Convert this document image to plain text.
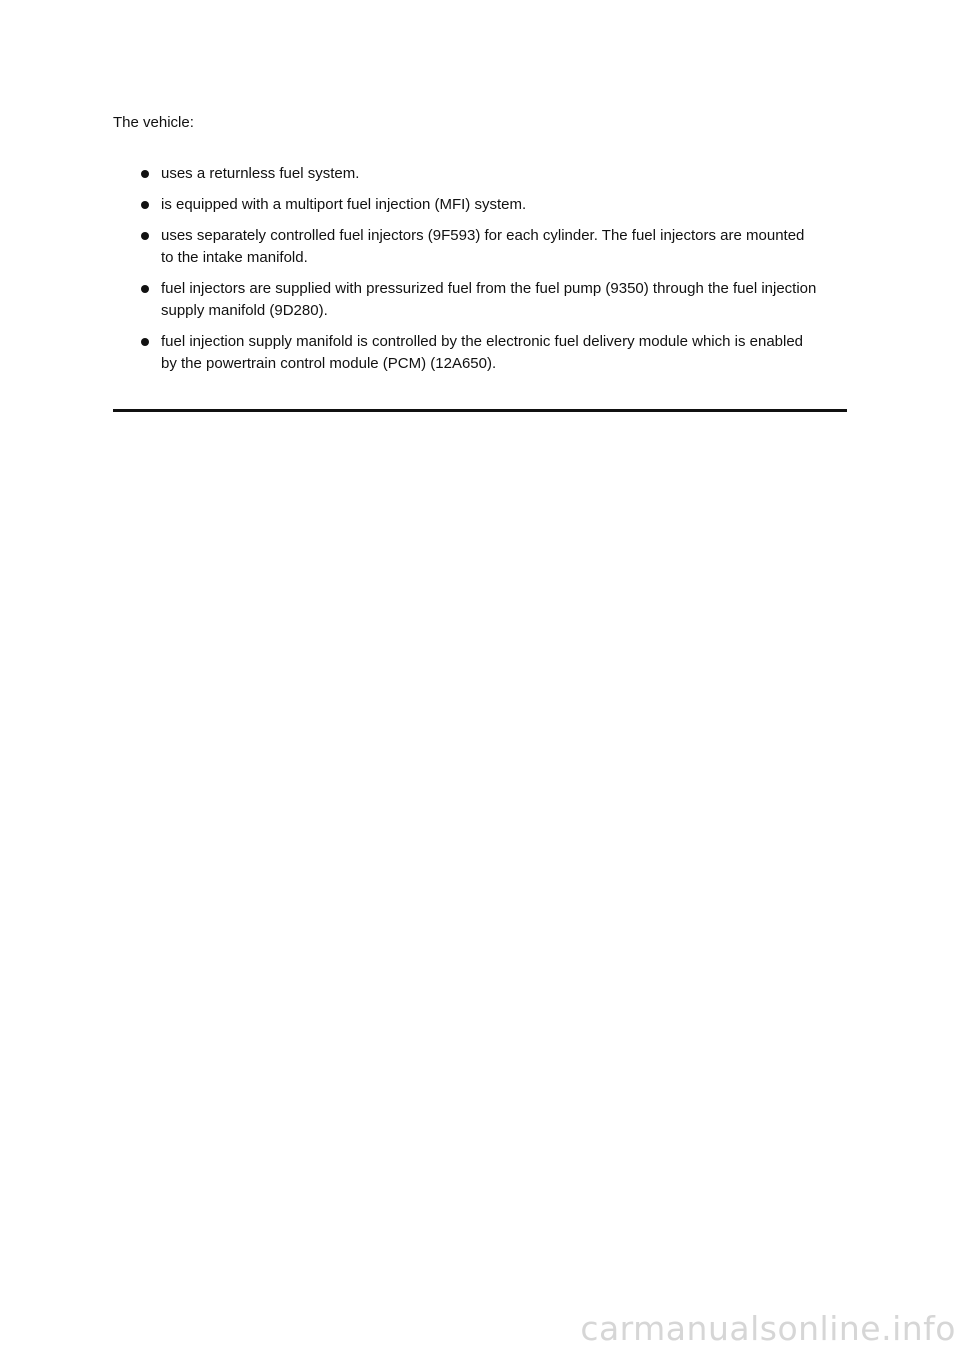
The vehicle:

uses a returnless fuel system.
is equipped with a multiport fuel injection (MFI) system.
uses separately controlled fuel injectors (9F593) for each cylinder. The fuel injectors are mounted to the intake manifold.
fuel injectors are supplied with pressurized fuel from the fuel pump (9350) through the fuel injection supply manifold (9D280).
fuel injection supply manifold is controlled by the electronic fuel delivery module which is enabled by the powertrain control module (PCM) (12A650).

carmanualsonline.info
